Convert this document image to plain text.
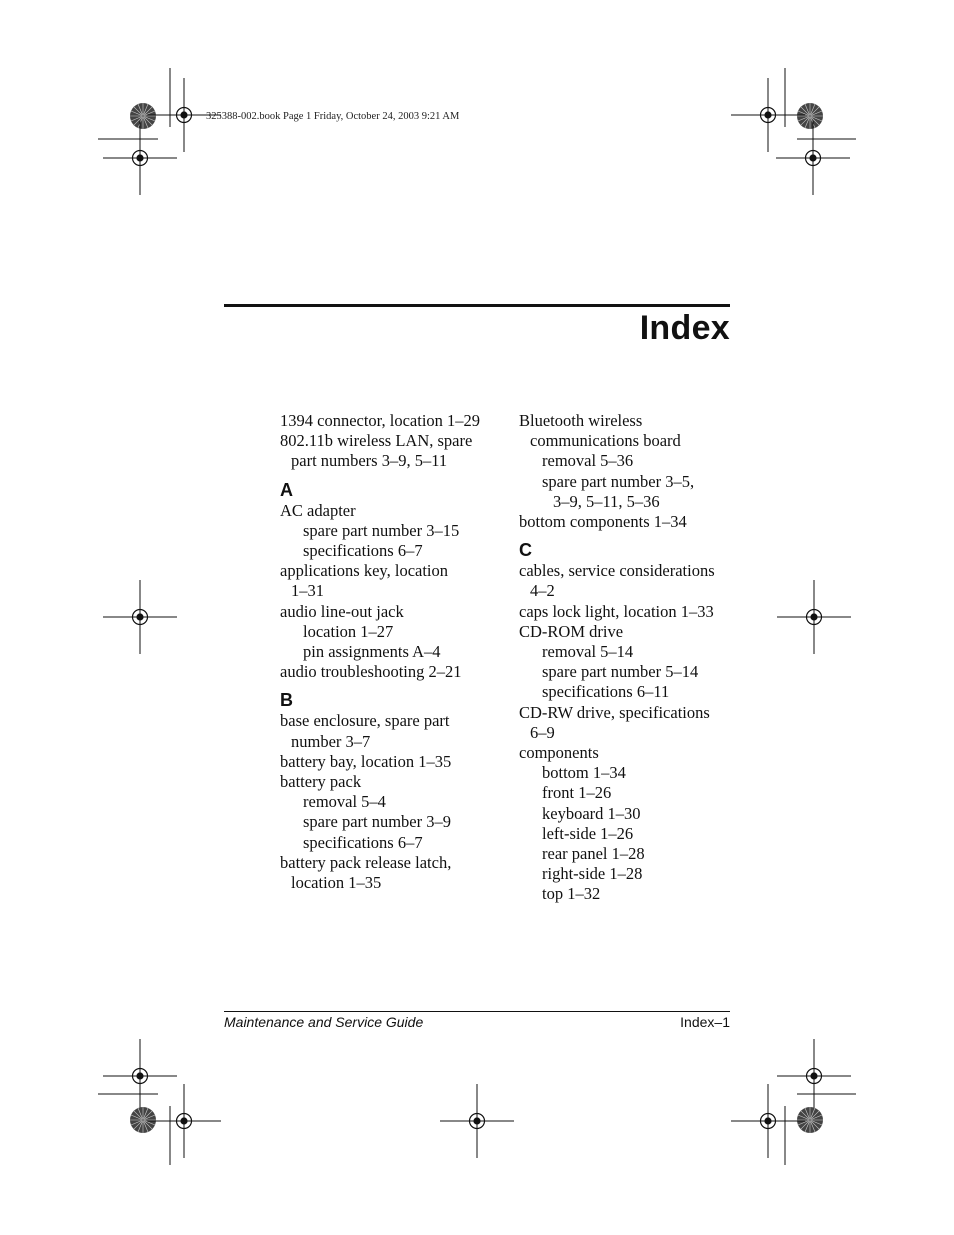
325388-002.book Page 1 Friday, October 24, 2003 9:21 AM
Index
1394 connector, location 1–29
802.11b wireless LAN, spare
part numbers 3–9, 5–11
A
AC adapter
spare part number 3–15
specifications 6–7
applications key, location
1–31
audio line-out jack
location 1–27
pin assignments A–4
audio troubleshooting 2–21
B
base enclosure, spare part
number 3–7
battery bay, location 1–35
battery pack
removal 5–4
spare part number 3–9
specifications 6–7
battery pack release latch,
location 1–35
Bluetooth wireless
communications board
removal 5–36
spare part number 3–5,
3–9, 5–11, 5–36
bottom components 1–34
C
cables, service considerations
4–2
caps lock light, location 1–33
CD-ROM drive
removal 5–14
spare part number 5–14
specifications 6–11
CD-RW drive, specifications
6–9
components
bottom 1–34
front 1–26
keyboard 1–30
left-side 1–26
rear panel 1–28
right-side 1–28
top 1–32
Maintenance and Service Guide	Index–1
